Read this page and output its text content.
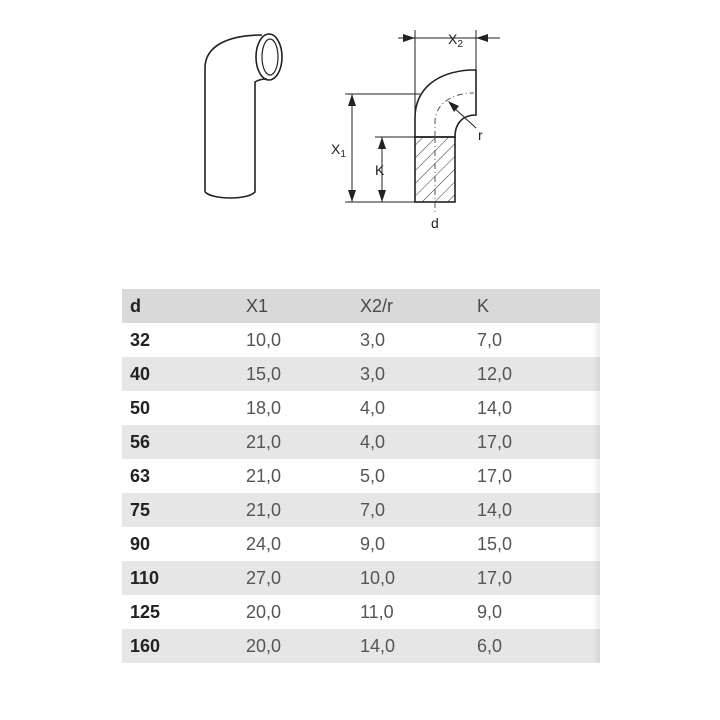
$X_2$
$X_1$
K
r
d
d	X1	X2/r	K
32	10,0	3,0	7,0
40	15,0	3,0	12,0
50	18,0	4,0	14,0
56	21,0	4,0	17,0
63	21,0	5,0	17,0
75	21,0	7,0	14,0
90	24,0	9,0	15,0
110	27,0	10,0	17,0
125	20,0	11,0	9,0
160	20,0	14,0	6,0
